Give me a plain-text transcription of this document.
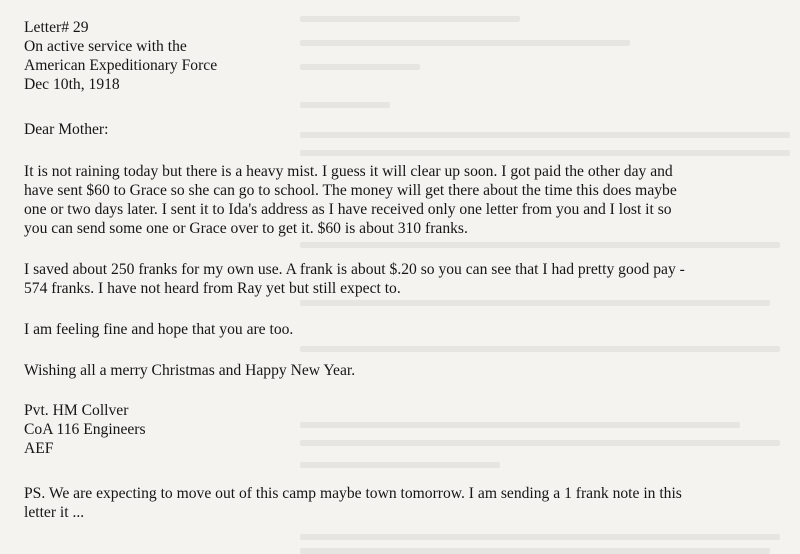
Letter# 29
On active service with the
American Expeditionary Force
Dec 10th, 1918

Dear Mother:

It is not raining today but there is a heavy mist. I guess it will clear up soon. I got paid the other day and
have sent $60 to Grace so she can go to school. The money will get there about the time this does maybe
one or two days later. I sent it to Ida's address as I have received only one letter from you and I lost it so
you can send some one or Grace over to get it. $60 is about 310 franks.

I saved about 250 franks for my own use. A frank is about $.20 so you can see that I had pretty good pay -
574 franks. I have not heard from Ray yet but still expect to.

I am feeling fine and hope that you are too.

Wishing all a merry Christmas and Happy New Year.

Pvt. HM Collver
CoA 116 Engineers
AEF

PS. We are expecting to move out of this camp maybe town tomorrow. I am sending a 1 frank note in this
letter it ...
